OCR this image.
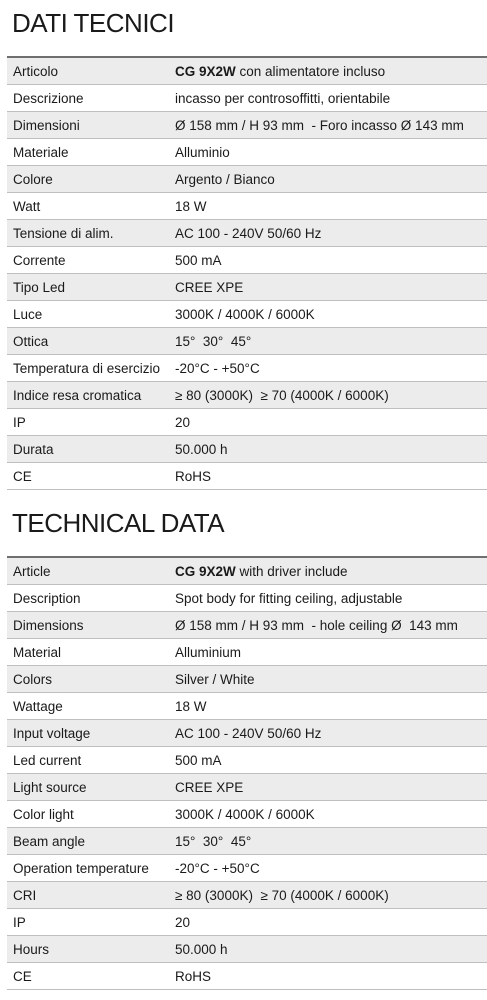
DATI TECNICI
Articolo	CG 9X2W con alimentatore incluso
Descrizione	incasso per controsoffitti, orientabile
Dimensioni	Ø 158 mm / H 93 mm  - Foro incasso Ø 143 mm
Materiale	Alluminio
Colore	Argento / Bianco
Watt	18 W
Tensione di alim.	AC 100 - 240V 50/60 Hz
Corrente	500 mA
Tipo Led	CREE XPE
Luce	3000K / 4000K / 6000K
Ottica	15°  30°  45°
Temperatura di esercizio	-20°C - +50°C
Indice resa cromatica	≥ 80 (3000K)  ≥ 70 (4000K / 6000K)
IP	20
Durata	50.000 h
CE	RoHS
TECHNICAL DATA
Article	CG 9X2W with driver include
Description	Spot body for fitting ceiling, adjustable
Dimensions	Ø 158 mm / H 93 mm  - hole ceiling Ø  143 mm
Material	Alluminium
Colors	Silver / White
Wattage	18 W
Input voltage	AC 100 - 240V 50/60 Hz
Led current	500 mA
Light source	CREE XPE
Color light	3000K / 4000K / 6000K
Beam angle	15°  30°  45°
Operation temperature	-20°C - +50°C
CRI	≥ 80 (3000K)  ≥ 70 (4000K / 6000K)
IP	20
Hours	50.000 h
CE	RoHS
